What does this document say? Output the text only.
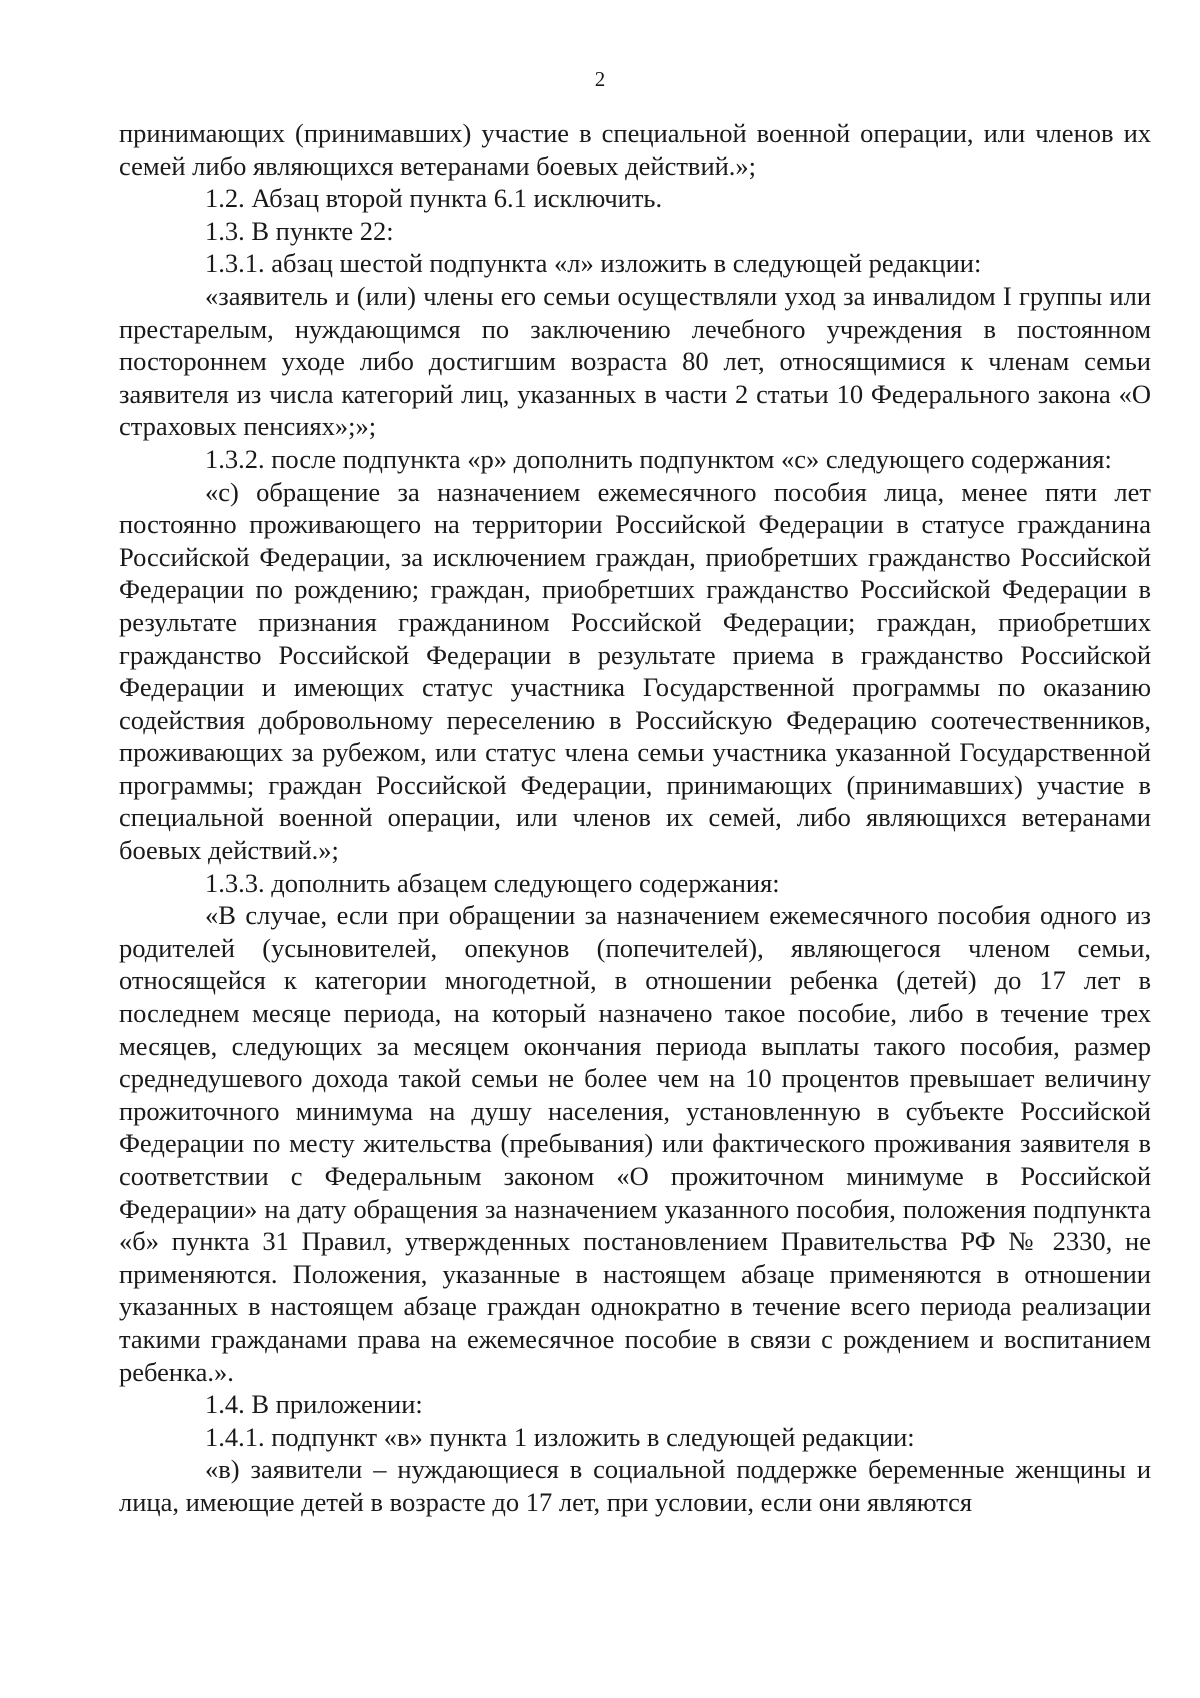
2

принимающих (принимавших) участие в специальной военной операции, или членов их семей либо являющихся ветеранами боевых действий.»;

1.2. Абзац второй пункта 6.1 исключить.

1.3. В пункте 22:

1.3.1. абзац шестой подпункта «л» изложить в следующей редакции:

«заявитель и (или) члены его семьи осуществляли уход за инвалидом I группы или престарелым, нуждающимся по заключению лечебного учреждения в постоянном постороннем уходе либо достигшим возраста 80 лет, относящимися к членам семьи заявителя из числа категорий лиц, указанных в части 2 статьи 10 Федерального закона «О страховых пенсиях»;»;

1.3.2. после подпункта «р» дополнить подпунктом «с» следующего содержания:

«с) обращение за назначением ежемесячного пособия лица, менее пяти лет постоянно проживающего на территории Российской Федерации в статусе гражданина Российской Федерации, за исключением граждан, приобретших гражданство Российской Федерации по рождению; граждан, приобретших гражданство Российской Федерации в результате признания гражданином Российской Федерации; граждан, приобретших гражданство Российской Федерации в результате приема в гражданство Российской Федерации и имеющих статус участника Государственной программы по оказанию содействия добровольному переселению в Российскую Федерацию соотечественников, проживающих за рубежом, или статус члена семьи участника указанной Государственной программы; граждан Российской Федерации, принимающих (принимавших) участие в специальной военной операции, или членов их семей, либо являющихся ветеранами боевых действий.»;

1.3.3. дополнить абзацем следующего содержания:

«В случае, если при обращении за назначением ежемесячного пособия одного из родителей (усыновителей, опекунов (попечителей), являющегося членом семьи, относящейся к категории многодетной, в отношении ребенка (детей) до 17 лет в последнем месяце периода, на который назначено такое пособие, либо в течение трех месяцев, следующих за месяцем окончания периода выплаты такого пособия, размер среднедушевого дохода такой семьи не более чем на 10 процентов превышает величину прожиточного минимума на душу населения, установленную в субъекте Российской Федерации по месту жительства (пребывания) или фактического проживания заявителя в соответствии с Федеральным законом «О прожиточном минимуме в Российской Федерации» на дату обращения за назначением указанного пособия, положения подпункта «б» пункта 31 Правил, утвержденных постановлением Правительства РФ № 2330, не применяются. Положения, указанные в настоящем абзаце применяются в отношении указанных в настоящем абзаце граждан однократно в течение всего периода реализации такими гражданами права на ежемесячное пособие в связи с рождением и воспитанием ребенка.».

1.4. В приложении:

1.4.1. подпункт «в» пункта 1 изложить в следующей редакции:

«в) заявители – нуждающиеся в социальной поддержке беременные женщины и лица, имеющие детей в возрасте до 17 лет, при условии, если они являются
